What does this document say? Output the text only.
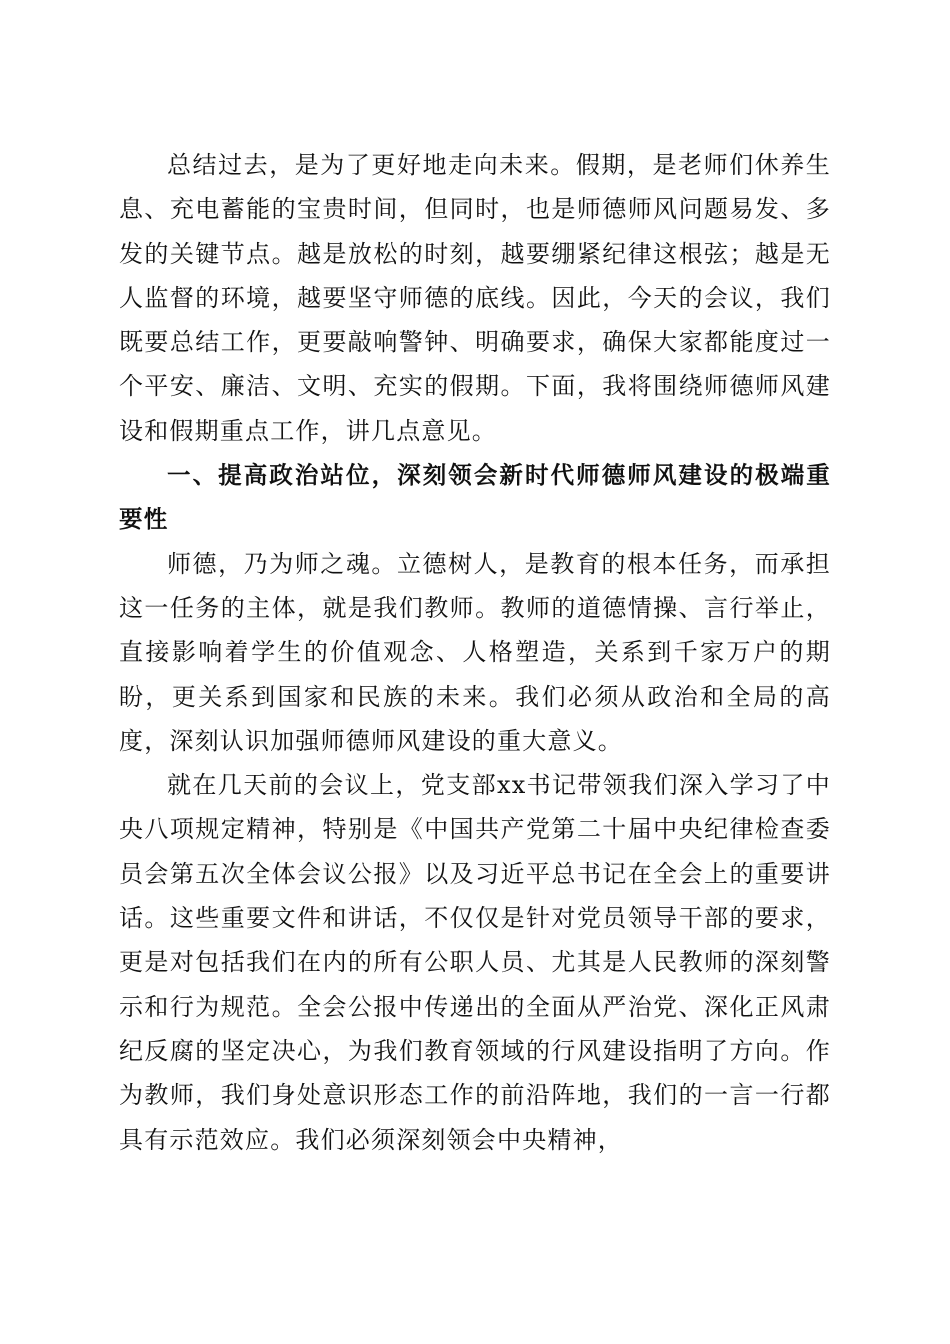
总结过去，是为了更好地走向未来。假期，是老师们休养生息、充电蓄能的宝贵时间，但同时，也是师德师风问题易发、多发的关键节点。越是放松的时刻，越要绷紧纪律这根弦；越是无人监督的环境，越要坚守师德的底线。因此，今天的会议，我们既要总结工作，更要敲响警钟、明确要求，确保大家都能度过一个平安、廉洁、文明、充实的假期。下面，我将围绕师德师风建设和假期重点工作，讲几点意见。

一、提高政治站位，深刻领会新时代师德师风建设的极端重要性

师德，乃为师之魂。立德树人，是教育的根本任务，而承担这一任务的主体，就是我们教师。教师的道德情操、言行举止，直接影响着学生的价值观念、人格塑造，关系到千家万户的期盼，更关系到国家和民族的未来。我们必须从政治和全局的高度，深刻认识加强师德师风建设的重大意义。

就在几天前的会议上，党支部xx书记带领我们深入学习了中央八项规定精神，特别是《中国共产党第二十届中央纪律检查委员会第五次全体会议公报》以及习近平总书记在全会上的重要讲话。这些重要文件和讲话，不仅仅是针对党员领导干部的要求，更是对包括我们在内的所有公职人员、尤其是人民教师的深刻警示和行为规范。全会公报中传递出的全面从严治党、深化正风肃纪反腐的坚定决心，为我们教育领域的行风建设指明了方向。作为教师，我们身处意识形态工作的前沿阵地，我们的一言一行都具有示范效应。我们必须深刻领会中央精神，
